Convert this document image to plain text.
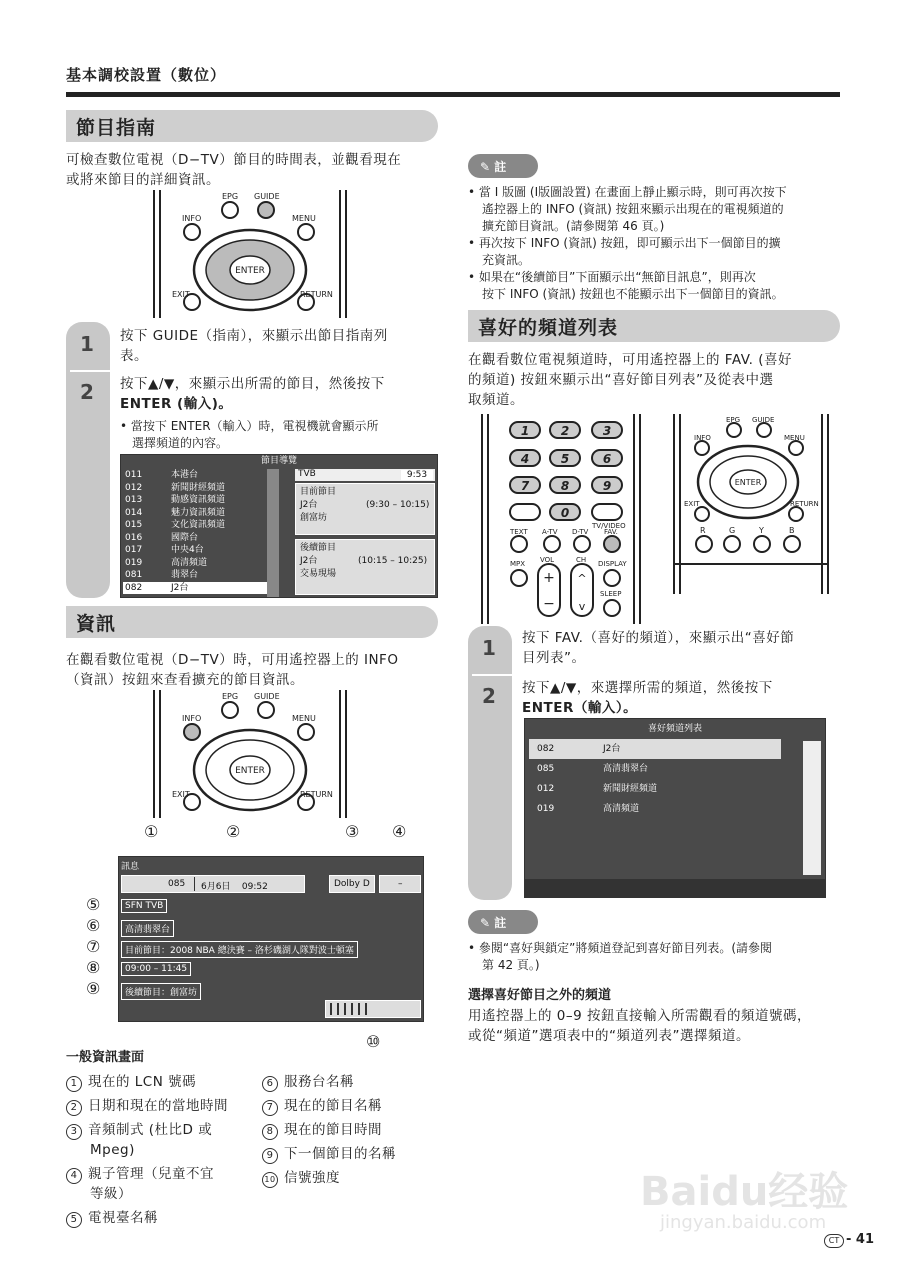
基本調校設置（數位）
節目指南
可檢查數位電視（D−TV）節目的時間表，並觀看現在
或將來節目的詳細資訊。
ENTER
EPG GUIDE
INFO	MENU
EXIT	RETURN
1
2
按下 GUIDE（指南），來顯示出節目指南列
表。
按下▲/▼，來顯示出所需的節目，然後按下
ENTER (輸入)。
• 當按下 ENTER（輸入）時，電視機就會顯示所
選擇頻道的內容。
節目導覽
011	本港台
012	新聞財經頻道
013	動感資訊頻道
014	魅力資訊頻道
015	文化資訊頻道
016	國際台
017	中央4台
019	高清頻道
081	翡翠台
082	J2台
TVB	9:53
目前節目
J2台	(9:30 – 10:15)
創富坊
後續節目
J2台	(10:15 – 10:25)
交易現場
資訊
在觀看數位電視（D−TV）時，可用遙控器上的 INFO
（資訊）按鈕來查看擴充的節目資訊。
ENTER
EPG GUIDE
INFO	MENU
EXIT	RETURN
①	②	③ ④
訊息
085	6月6日 09:52	Dolby D	–
SFN TVB
高清翡翠台
目前節目：2008 NBA 總決賽 – 洛杉磯湖人隊對波士頓塞
09:00 – 11:45
後續節目：創富坊
⑤
⑥
⑦
⑧
⑨
⑩
一般資訊畫面
1 現在的 LCN 號碼
2 日期和現在的當地時間
3 音頻制式 (杜比D 或
Mpeg)
4 親子管理（兒童不宜
等級）
5 電視臺名稱
6 服務台名稱
7 現在的節目名稱
8 現在的節目時間
9 下一個節目的名稱
10 信號強度
✎ 註
• 當 I 版圖 (I版圖設置) 在畫面上靜止顯示時，則可再次按下
遙控器上的 INFO (資訊) 按鈕來顯示出現在的電視頻道的
擴充節目資訊。(請參閱第 46 頁。)
• 再次按下 INFO (資訊) 按鈕，即可顯示出下一個節目的擴
充資訊。
• 如果在“後續節目”下面顯示出“無節目訊息”，則再次
按下 INFO (資訊) 按鈕也不能顯示出下一個節目的資訊。
喜好的頻道列表
在觀看數位電視頻道時，可用遙控器上的 FAV. (喜好
的頻道) 按鈕來顯示出“喜好節目列表”及從表中選
取頻道。
1	2	3
4	5	6
7	8	9
0
+
−
^
v
TV/VIDEO
TEXT A-TV D-TV FAV.
MPX VOL	CH DISPLAY
SLEEP
ENTER
EPG GUIDE
INFO	MENU
EXIT	RETURN
R	G	Y	B
1
2
按下 FAV.（喜好的頻道），來顯示出“喜好節
目列表”。
按下▲/▼，來選擇所需的頻道，然後按下
ENTER（輸入）。
喜好頻道列表
082	J2台
085	高清翡翠台
012	新聞財經頻道
019	高清頻道
✎ 註
• 參閱“喜好與鎖定”將頻道登記到喜好節目列表。(請參閱
第 42 頁。)
選擇喜好節目之外的頻道
用遙控器上的 0–9 按鈕直接輸入所需觀看的頻道號碼，
或從“頻道”選項表中的“頻道列表”選擇頻道。
Baidu经验
jingyan.baidu.com
CT - 41
